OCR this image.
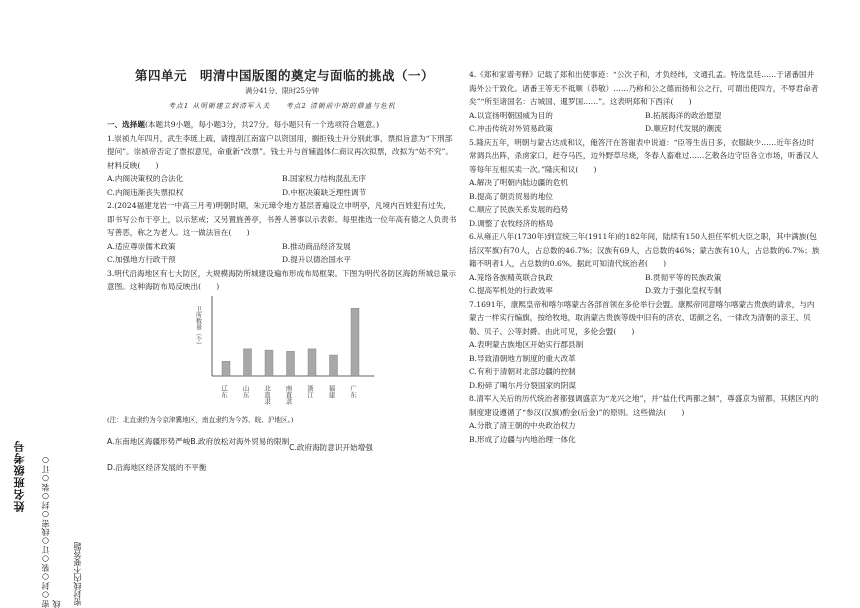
姓名班级考号 密○封○装○订○线密○封○装○订○线 密封线内不要答题
第四单元　明清中国版图的奠定与面临的挑战（一）
满分41分，限时25分钟
考点1 从明朝建立到清军入关　　考点2 清朝前中期的鼎盛与危机

一、选择题(本题共9小题，每小题3分，共27分。每小题只有一个选项符合题意。)

1.崇祯九年四月，武生李琏上疏，请搜刮江南富户以资国用，搁拒钱士升分别此事，票拟旨意为“下刑部提问”。崇祯帝否定了票拟意见，命重新“改票”。钱士升与首辅温体仁商议再次拟票，改拟为“姑不究”。材料反映(　　)

A.内阁决策权的合法化	B.国家权力结构混乱无序
C.内阁违渐丧失票拟权	D.中枢决策缺乏理性调节

2.(2024福建龙岩一中高三月考)明朝时期，朱元璋令地方基层普遍设立申明亭，凡境内百姓犯有过失，即书写公布于亭上，以示惩戒；又另置旌善亭，书善人善事以示表彰。每里推选一位年高有德之人负责书写善恶，称之为老人。这一做法旨在(　　)

A.适应尊崇儒术政策	B.推动商品经济发展
C.加强地方行政干预	D.提升以德治国水平

3.明代沿海地区有七大防区，大规模海防所城建设遍布形成布局框架。下图为明代各防区海防所城总量示意图。这种海防布局反映出(　　)

卫所数量（个）
辽东 山东 北直隶 南直隶 浙江 福建 广东

(注：北直隶约为今京津冀地区，南直隶约为今苏、皖、沪地区。)

A.东南地区海疆形势严峻 B.政府放松对海外贸易的限制
C.政府海防意识开始增强
D.沿海地区经济发展的不平衡

4.《郑和家谱考释》记载了郑和出使事迹：“公次子和，才负经纬，文通孔孟。特选皇廷……于诸番国并海外公干致化。诸番王等无不祗顺（恭敬）……乃称和公之德而扬和公之行，可谓出使四方，不辱君命者矣”“所至诸国名：古城国、暹罗国……”。这表明郑和下西洋(　　)

A.以宣扬明朝国威为目的	B.拓展海洋的政治愿望
C.冲击传统对外贸易政策	D.顺应时代发展的潮流

5.隆庆五年，明朝与蒙古达成和议，俺答汗在答谢表中说道：“臣等生齿日多，衣服缺少……近年各边时常调兵出阵，杀虏家口，赶夺马匹，边外野草尽烧，冬春人畜难过……乞敕各边守臣各立市场，听番汉人等每年互相买卖一次。”隆庆和议(　　)

A.解决了明朝内陆边疆的危机

B.提高了朝贡贸易的地位

C.顺应了民族关系发展的趋势

D.调整了农牧经济的格局

6.从雍正八年(1730年)到宣统三年(1911年)的182年间，陆续有150人担任军机大臣之职，其中满族(包括汉军旗)有70人，占总数的46.7%；汉族有69人，占总数的46%；蒙古族有10人，占总数的6.7%；族籍不明者1人，占总数的0.6%。据此可知清代统治者(　　)

A.笼络各族精英联合执政	B.贯彻平等的民族政策
C.提高军机处的行政效率	D.致力于强化皇权专制

7.1691年，康熙皇帝和喀尔喀蒙古各部首领在多伦举行会盟。康熙帝同意喀尔喀蒙古贵族的请求，与内蒙古一样实行编旗，按给牧地，取消蒙古贵族等级中旧有的济农、诺颜之名，一律改为清朝的亲王、贝勒、贝子、公等封爵。由此可见，多伦会盟(　　)

A.表明蒙古族地区开始实行郡县制

B.导致清朝地方制度的重大改革

C.有利于清朝对北部边疆的控制

D.粉碎了噶尔丹分裂国家的阴谋

8.清军入关后的历代统治者都强调盛京为“龙兴之地”，并“盐仕代两都之制”，尊盛京为留都，其辖区内的制度建设遵循了“参汉(汉旗)酌金(后金)”的原则。这些做法(　　)

A.分散了清王朝的中央政治权力

B.形成了边疆与内地治理一体化
